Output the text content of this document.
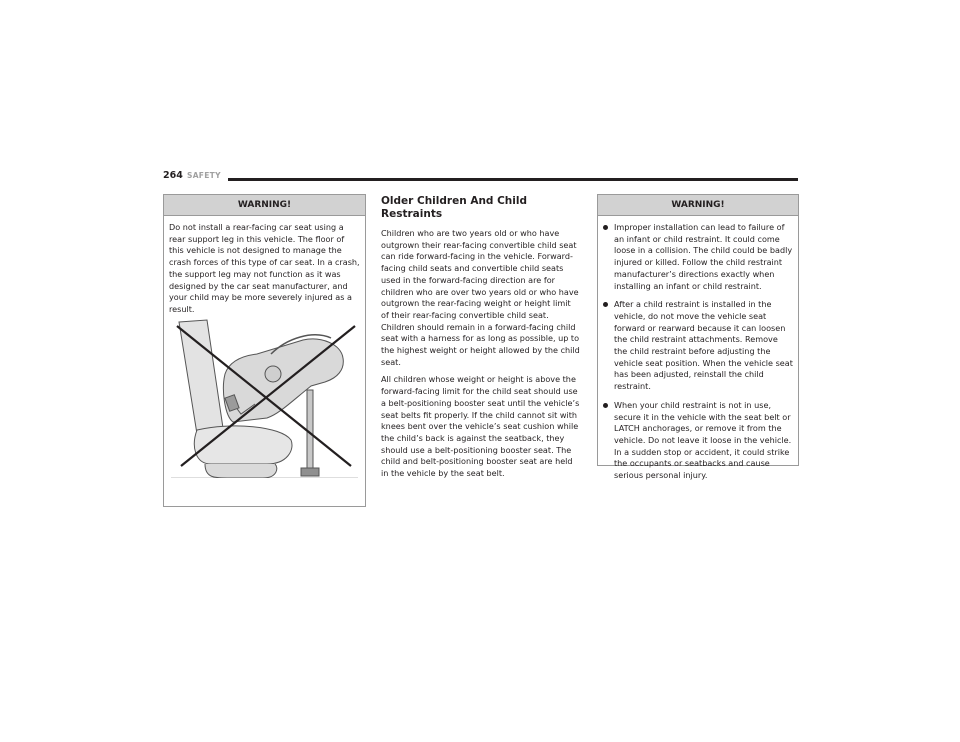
264 SAFETY
WARNING!
Do not install a rear-facing car seat using a rear support leg in this vehicle. The floor of this vehicle is not designed to manage the crash forces of this type of car seat. In a crash, the support leg may not function as it was designed by the car seat manufacturer, and your child may be more severely injured as a result.
Older Children And Child Restraints

Children who are two years old or who have outgrown their rear-facing convertible child seat can ride forward-facing in the vehicle. Forward-facing child seats and convertible child seats used in the forward-facing direction are for children who are over two years old or who have outgrown the rear-facing weight or height limit of their rear-facing convertible child seat. Children should remain in a forward-facing child seat with a harness for as long as possible, up to the highest weight or height allowed by the child seat.

All children whose weight or height is above the forward-facing limit for the child seat should use a belt-positioning booster seat until the vehicle’s seat belts fit properly. If the child cannot sit with knees bent over the vehicle’s seat cushion while the child’s back is against the seatback, they should use a belt-positioning booster seat. The child and belt-positioning booster seat are held in the vehicle by the seat belt.

WARNING!
Improper installation can lead to failure of an infant or child restraint. It could come loose in a collision. The child could be badly injured or killed. Follow the child restraint manufacturer’s directions exactly when installing an infant or child restraint.
After a child restraint is installed in the vehicle, do not move the vehicle seat forward or rearward because it can loosen the child restraint attachments. Remove the child restraint before adjusting the vehicle seat position. When the vehicle seat has been adjusted, reinstall the child restraint.
When your child restraint is not in use, secure it in the vehicle with the seat belt or LATCH anchorages, or remove it from the vehicle. Do not leave it loose in the vehicle. In a sudden stop or accident, it could strike the occupants or seatbacks and cause serious personal injury.
